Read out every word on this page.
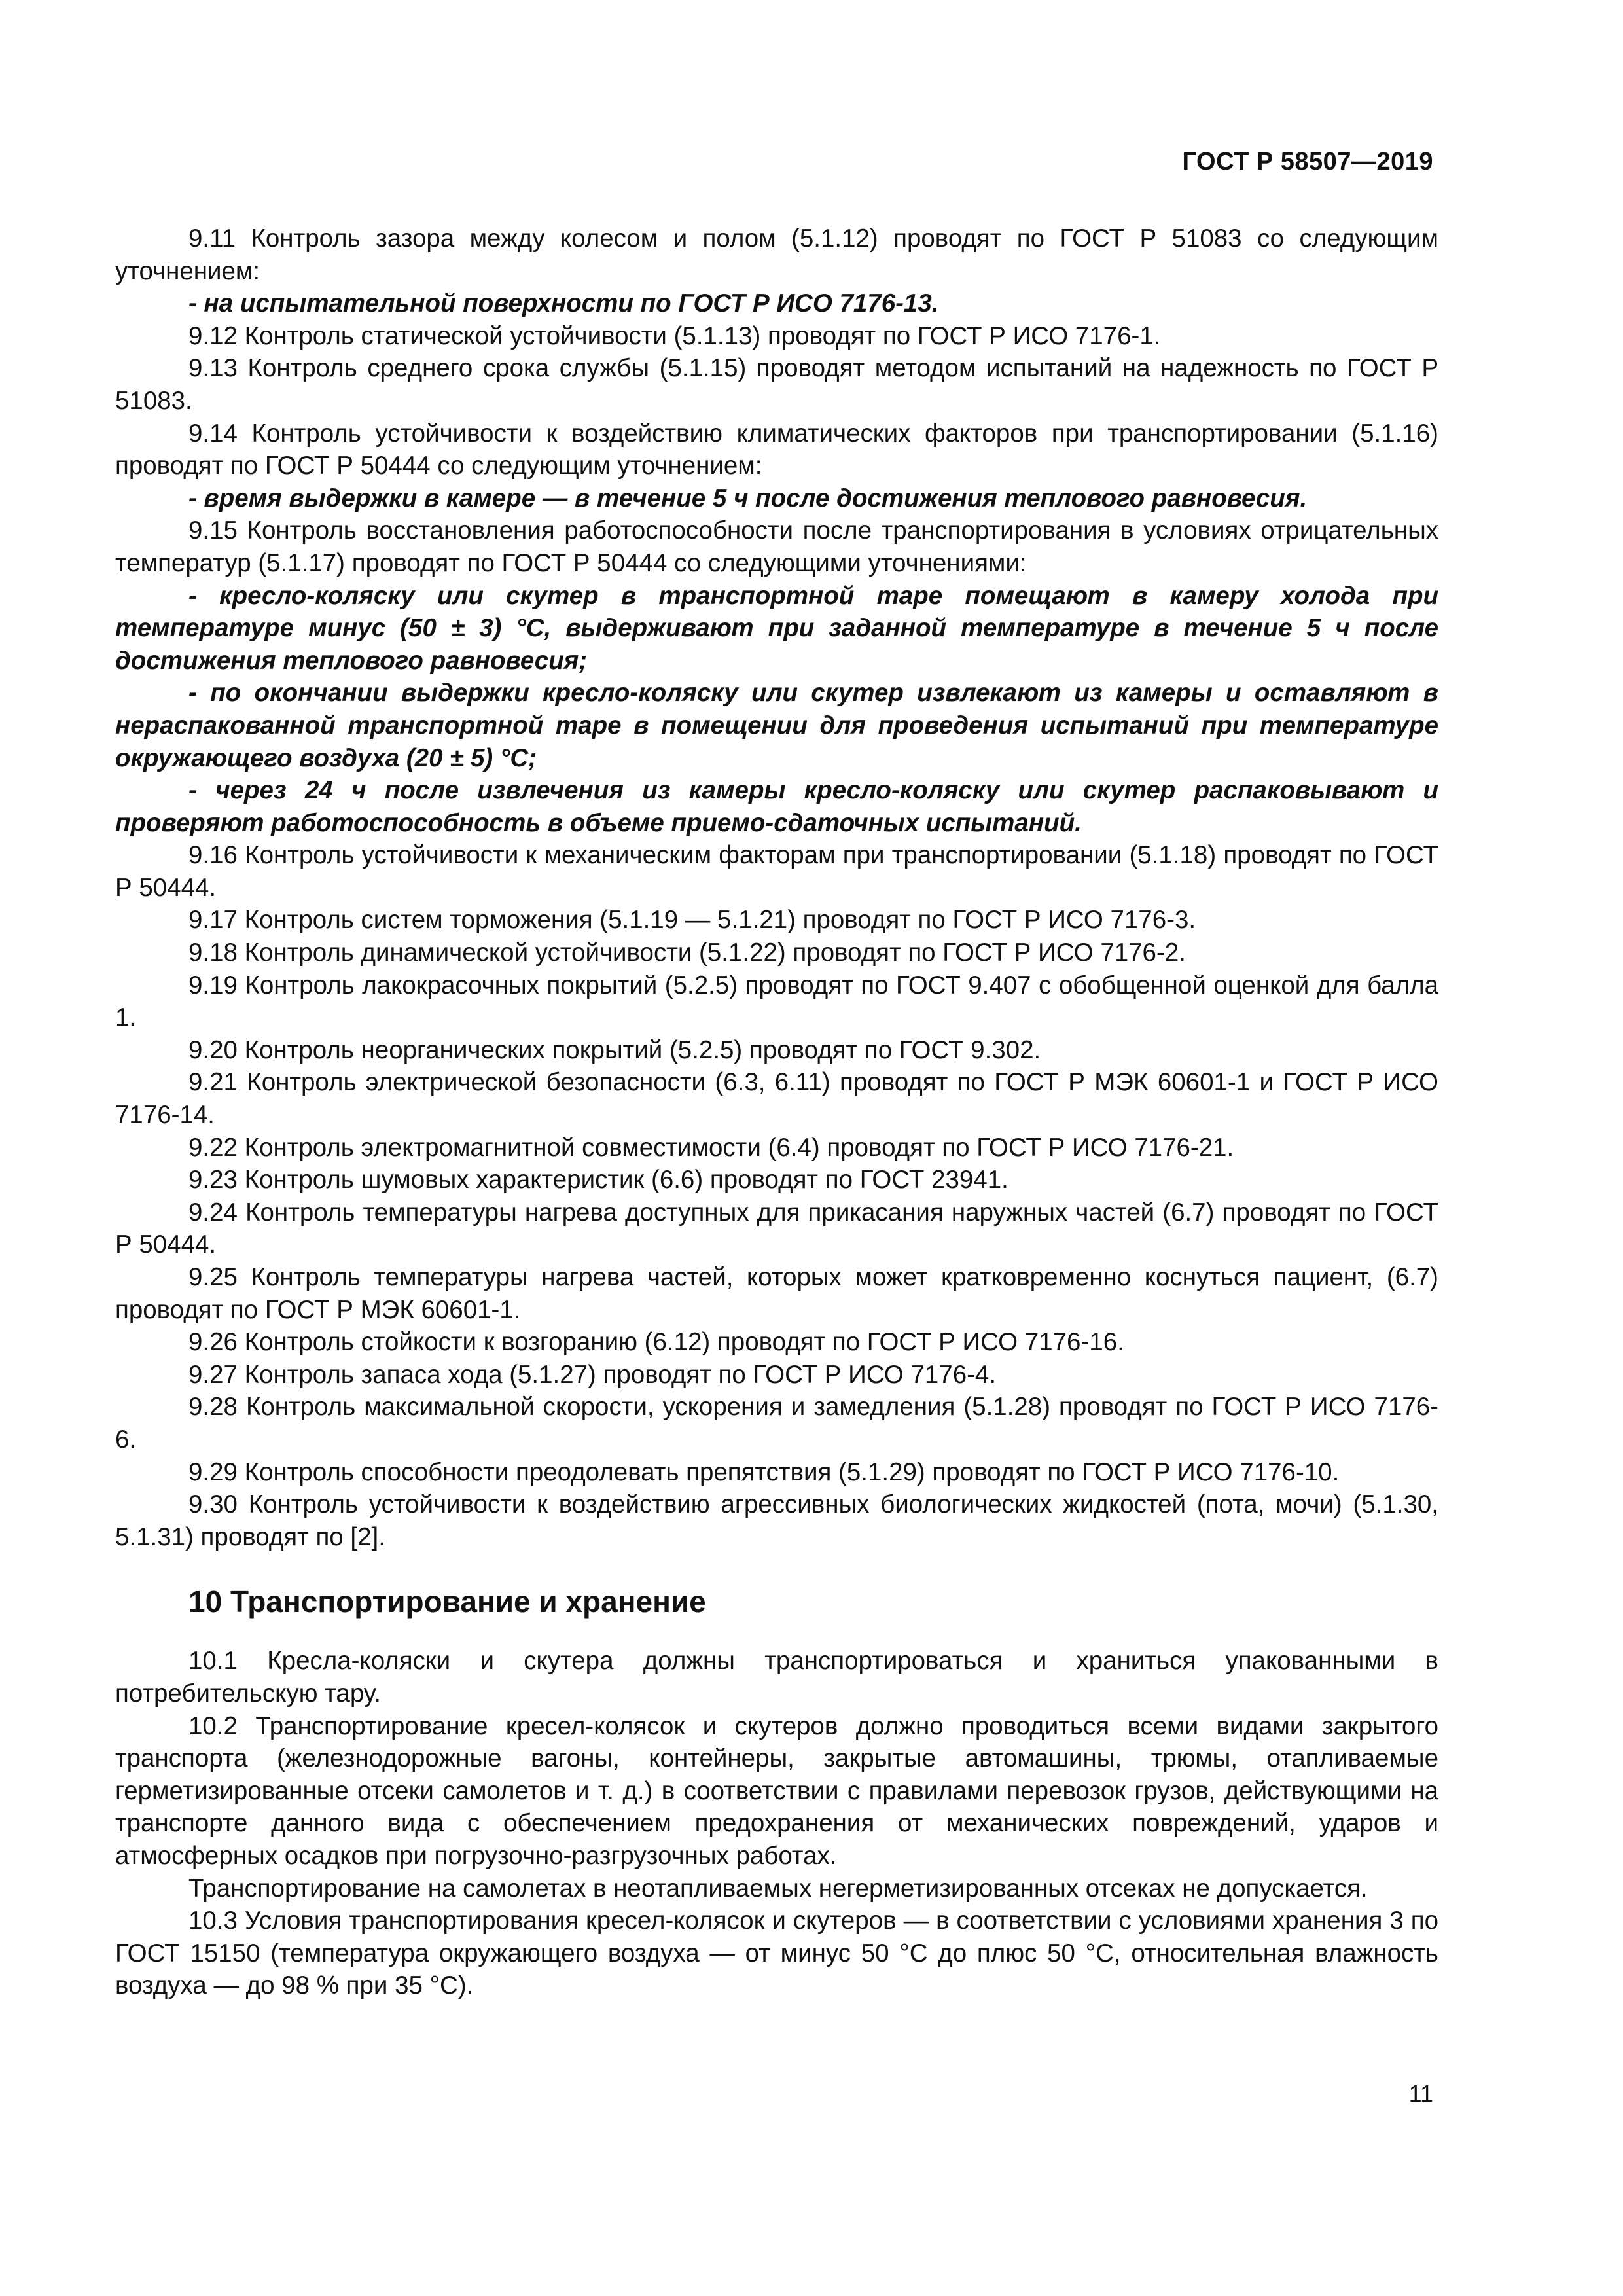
ГОСТ Р 58507—2019

9.11 Контроль зазора между колесом и полом (5.1.12) проводят по ГОСТ Р 51083 со следующим уточнением:

- на испытательной поверхности по ГОСТ Р ИСО 7176-13.

9.12 Контроль статической устойчивости (5.1.13) проводят по ГОСТ Р ИСО 7176-1.

9.13 Контроль среднего срока службы (5.1.15) проводят методом испытаний на надежность по ГОСТ Р 51083.

9.14 Контроль устойчивости к воздействию климатических факторов при транспортировании (5.1.16) проводят по ГОСТ Р 50444 со следующим уточнением:

- время выдержки в камере — в течение 5 ч после достижения теплового равновесия.

9.15 Контроль восстановления работоспособности после транспортирования в условиях отрицательных температур (5.1.17) проводят по ГОСТ Р 50444 со следующими уточнениями:

- кресло-коляску или скутер в транспортной таре помещают в камеру холода при температуре минус (50 ± 3) °С, выдерживают при заданной температуре в течение 5 ч после достижения теплового равновесия;

- по окончании выдержки кресло-коляску или скутер извлекают из камеры и оставляют в нераспакованной транспортной таре в помещении для проведения испытаний при температуре окружающего воздуха (20 ± 5) °С;

- через 24 ч после извлечения из камеры кресло-коляску или скутер распаковывают и проверяют работоспособность в объеме приемо-сдаточных испытаний.

9.16 Контроль устойчивости к механическим факторам при транспортировании (5.1.18) проводят по ГОСТ Р 50444.

9.17 Контроль систем торможения (5.1.19 — 5.1.21) проводят по ГОСТ Р ИСО 7176-3.

9.18 Контроль динамической устойчивости (5.1.22) проводят по ГОСТ Р ИСО 7176-2.

9.19 Контроль лакокрасочных покрытий (5.2.5) проводят по ГОСТ 9.407 с обобщенной оценкой для балла 1.

9.20 Контроль неорганических покрытий (5.2.5) проводят по ГОСТ 9.302.

9.21 Контроль электрической безопасности (6.3, 6.11) проводят по ГОСТ Р МЭК 60601-1 и ГОСТ Р ИСО 7176-14.

9.22 Контроль электромагнитной совместимости (6.4) проводят по ГОСТ Р ИСО 7176-21.

9.23 Контроль шумовых характеристик (6.6) проводят по ГОСТ 23941.

9.24 Контроль температуры нагрева доступных для прикасания наружных частей (6.7) проводят по ГОСТ Р 50444.

9.25 Контроль температуры нагрева частей, которых может кратковременно коснуться пациент, (6.7) проводят по ГОСТ Р МЭК 60601-1.

9.26 Контроль стойкости к возгоранию (6.12) проводят по ГОСТ Р ИСО 7176-16.

9.27 Контроль запаса хода (5.1.27) проводят по ГОСТ Р ИСО 7176-4.

9.28 Контроль максимальной скорости, ускорения и замедления (5.1.28) проводят по ГОСТ Р ИСО 7176-6.

9.29 Контроль способности преодолевать препятствия (5.1.29) проводят по ГОСТ Р ИСО 7176-10.

9.30 Контроль устойчивости к воздействию агрессивных биологических жидкостей (пота, мочи) (5.1.30, 5.1.31) проводят по [2].

10 Транспортирование и хранение

10.1 Кресла-коляски и скутера должны транспортироваться и храниться упакованными в потребительскую тару.

10.2 Транспортирование кресел-колясок и скутеров должно проводиться всеми видами закрытого транспорта (железнодорожные вагоны, контейнеры, закрытые автомашины, трюмы, отапливаемые герметизированные отсеки самолетов и т. д.) в соответствии с правилами перевозок грузов, действующими на транспорте данного вида с обеспечением предохранения от механических повреждений, ударов и атмосферных осадков при погрузочно-разгрузочных работах.

Транспортирование на самолетах в неотапливаемых негерметизированных отсеках не допускается.

10.3 Условия транспортирования кресел-колясок и скутеров — в соответствии с условиями хранения 3 по ГОСТ 15150 (температура окружающего воздуха — от минус 50 °С до плюс 50 °С, относительная влажность воздуха — до 98 % при 35 °С).

11
